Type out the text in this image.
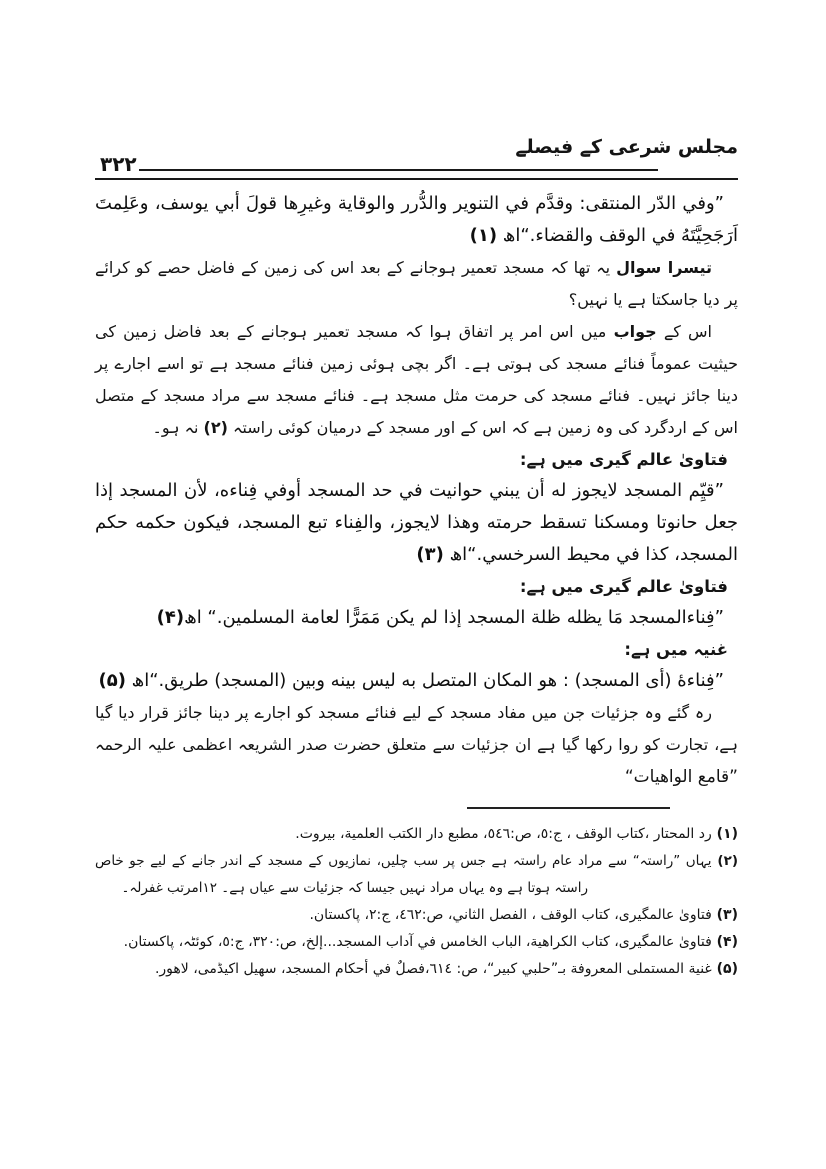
۳۲۲
مجلس شرعی کے فیصلے

”وفي الدّر المنتقى: وقدَّم في التنوير والدُّرر والوقاية وغيرِها قولَ أبي يوسف، وعَلِمتَ اَرَجَحِيَّتَهُ في الوقف والقضاء.“اھ (۱)

تیسرا سوال یہ تھا کہ مسجد تعمیر ہوجانے کے بعد اس کی زمین کے فاضل حصے کو کرائے پر دیا جاسکتا ہے یا نہیں؟

اس کے جواب میں اس امر پر اتفاق ہوا کہ مسجد تعمیر ہوجانے کے بعد فاضل زمین کی حیثیت عموماً فنائے مسجد کی ہوتی ہے۔ اگر بچی ہوئی زمین فنائے مسجد ہے تو اسے اجارے پر دینا جائز نہیں۔ فنائے مسجد کی حرمت مثل مسجد ہے۔ فنائے مسجد سے مراد مسجد کے متصل اس کے اردگرد کی وہ زمین ہے کہ اس کے اور مسجد کے درمیان کوئی راستہ (۲) نہ ہو۔

فتاویٰ عالم گیری میں ہے:

”قيِّم المسجد لايجوز له أن يبني حوانيت في حد المسجد أوفي فِناءه، لأن المسجد إذا جعل حانوتا ومسكنا تسقط حرمته وهذا لايجوز، والفِناء تبع المسجد، فيكون حكمه حكم المسجد، كذا في محيط السرخسي.“اھ (۳)

فتاویٰ عالم گیری میں ہے:

”فِناءالمسجد مَا يظله ظلة المسجد إذا لم يكن مَمَرًّا لعامة المسلمين.“ اھ(۴)

غنیہ میں ہے:

”فِناءهٔ (أى المسجد) : هو المكان المتصل به ليس بينه وبين (المسجد) طريق.“اھ (۵)

رہ گئے وہ جزئیات جن میں مفاد مسجد کے لیے فنائے مسجد کو اجارے پر دینا جائز قرار دیا گیا ہے، تجارت کو روا رکھا گیا ہے ان جزئیات سے متعلق حضرت صدر الشریعہ اعظمی علیہ الرحمہ ”قامع الواهيات“

(۱) رد المحتار ،كتاب الوقف ، ج:٥، ص:٥٤٦، مطبع دار الكتب العلمية، بيروت.

(۲) یہاں ”راستہ“ سے مراد عام راستہ ہے جس پر سب چلیں، نمازیوں کے مسجد کے اندر جانے کے لیے جو خاص راستہ ہوتا ہے وہ یہاں مراد نہیں جیسا کہ جزئیات سے عیاں ہے۔ ۱۲امرتب غفرلہ۔

(۳) فتاوىٰ عالمگیری، كتاب الوقف ، الفصل الثاني، ص:٤٦٢، ج:٢، پاکستان.

(۴) فتاوىٰ عالمگیری، كتاب الكراهية، الباب الخامس في آداب المسجد...إلخ، ص:٣٢٠، ج:٥، كوئٹہ، پاکستان.

(۵) غنية المستملى المعروفة بـ”حلبي كبير“، ص: ٦١٤،فصلٌ في أحكام المسجد، سهيل اكیڈمی، لاهور.
